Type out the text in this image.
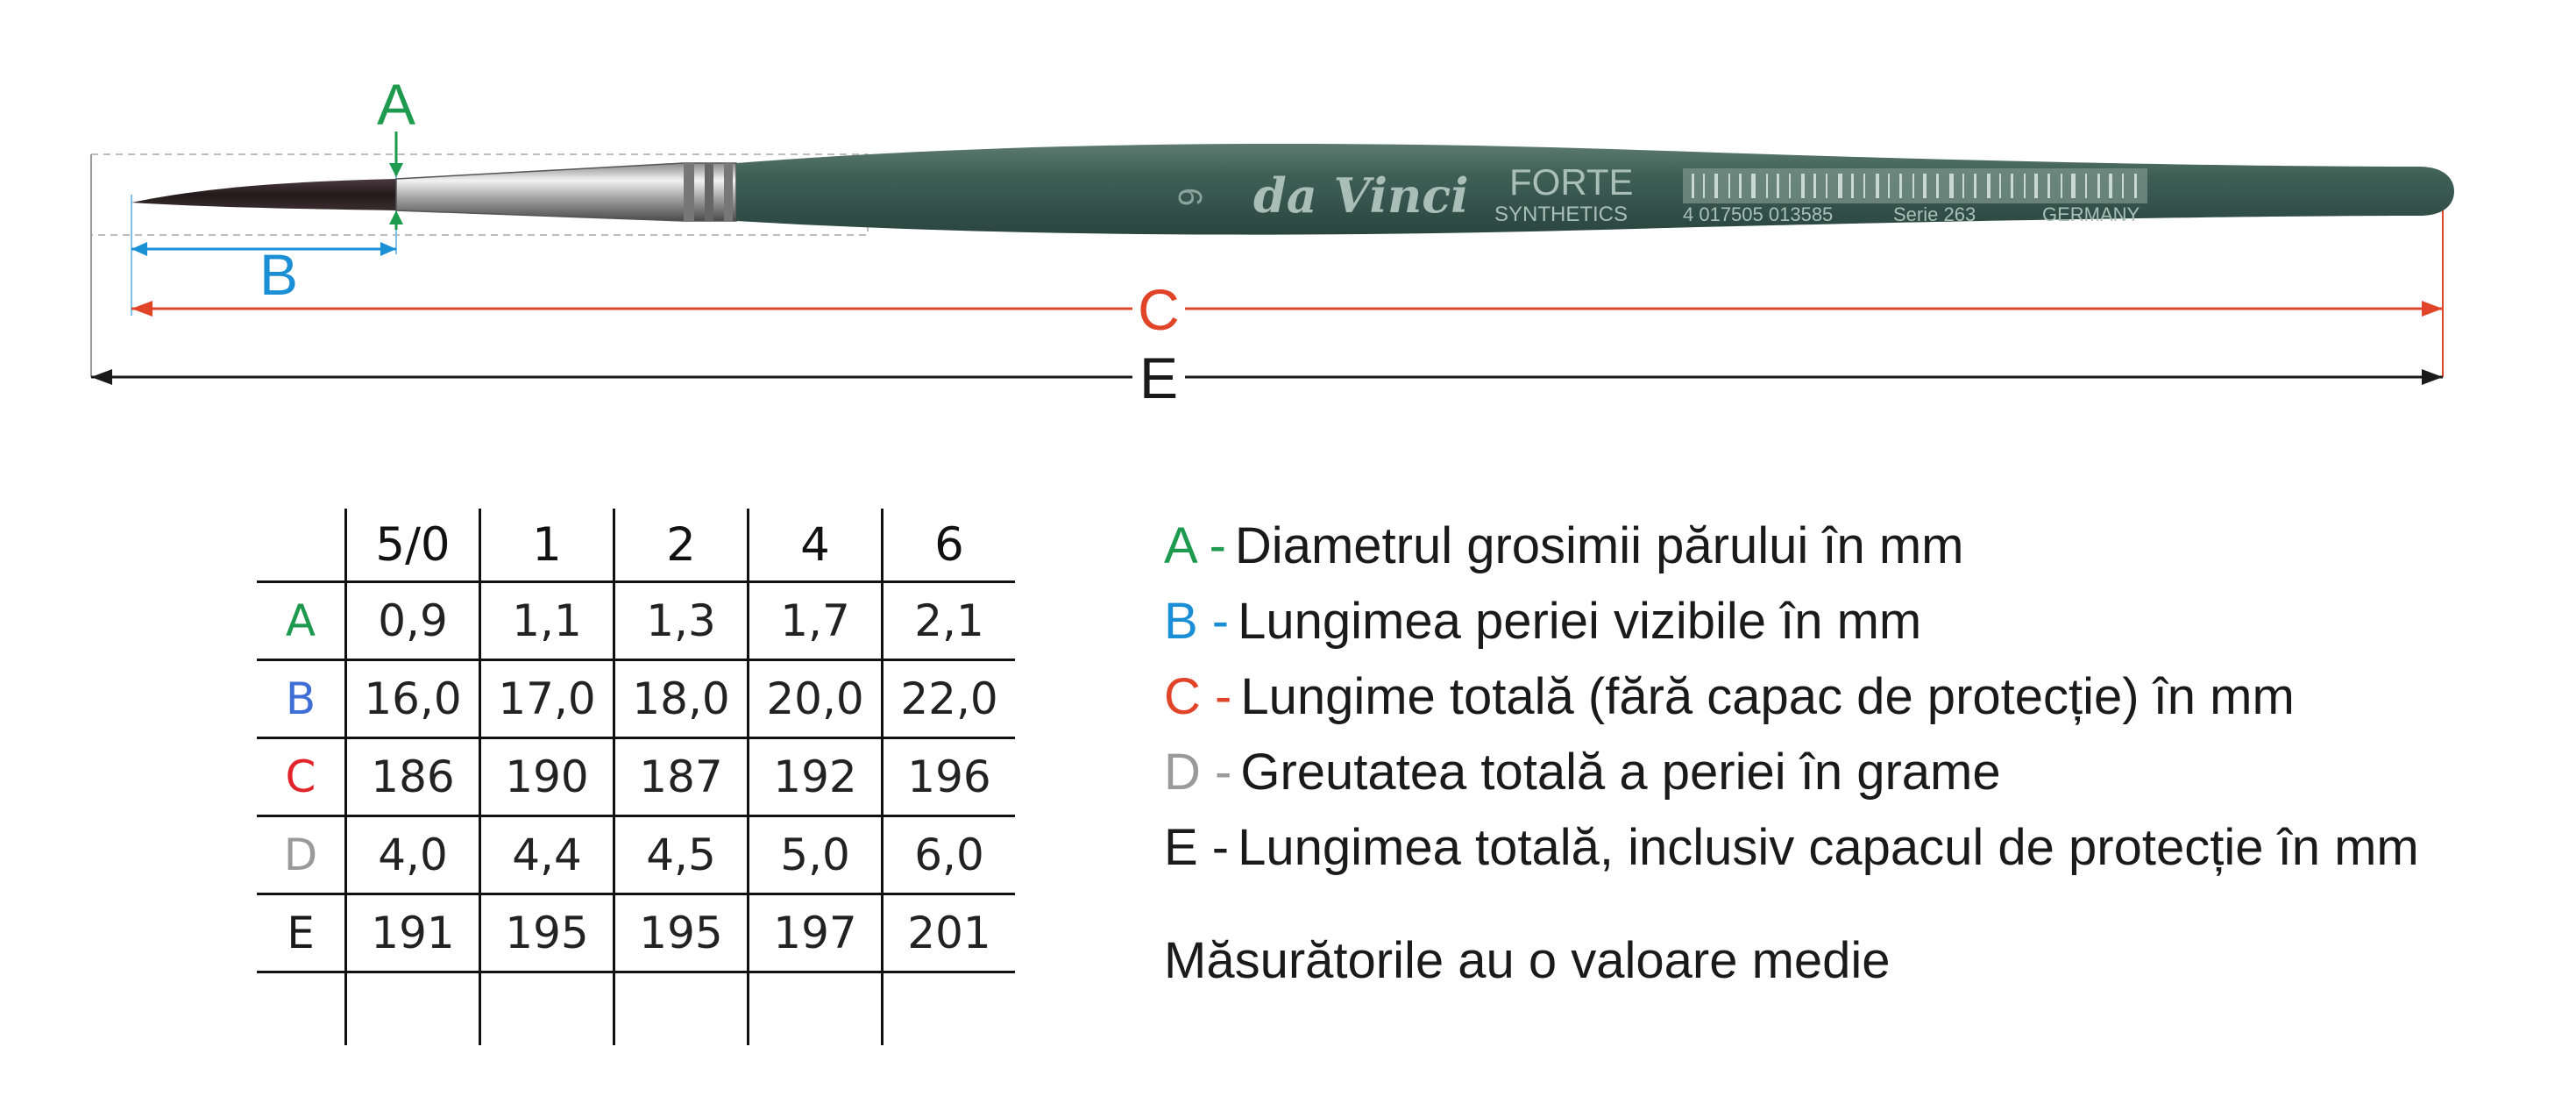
6 da Vinci FORTE
SYNTHETICS	4 017505 013585	Serie 263	GERMANY
A
B
C
E
	5/0	1	2	4	6
A	0,9	1,1	1,3	1,7	2,1
B	16,0	17,0	18,0	20,0	22,0
C	186	190	187	192	196
D	4,0	4,4	4,5	5,0	6,0
E	191	195	195	197	201

A - Diametrul grosimii părului în mm
B - Lungimea periei vizibile în mm
C - Lungime totală (fără capac de protecție) în mm
D - Greutatea totală a periei în grame
E - Lungimea totală, inclusiv capacul de protecție în mm
Măsurătorile au o valoare medie
